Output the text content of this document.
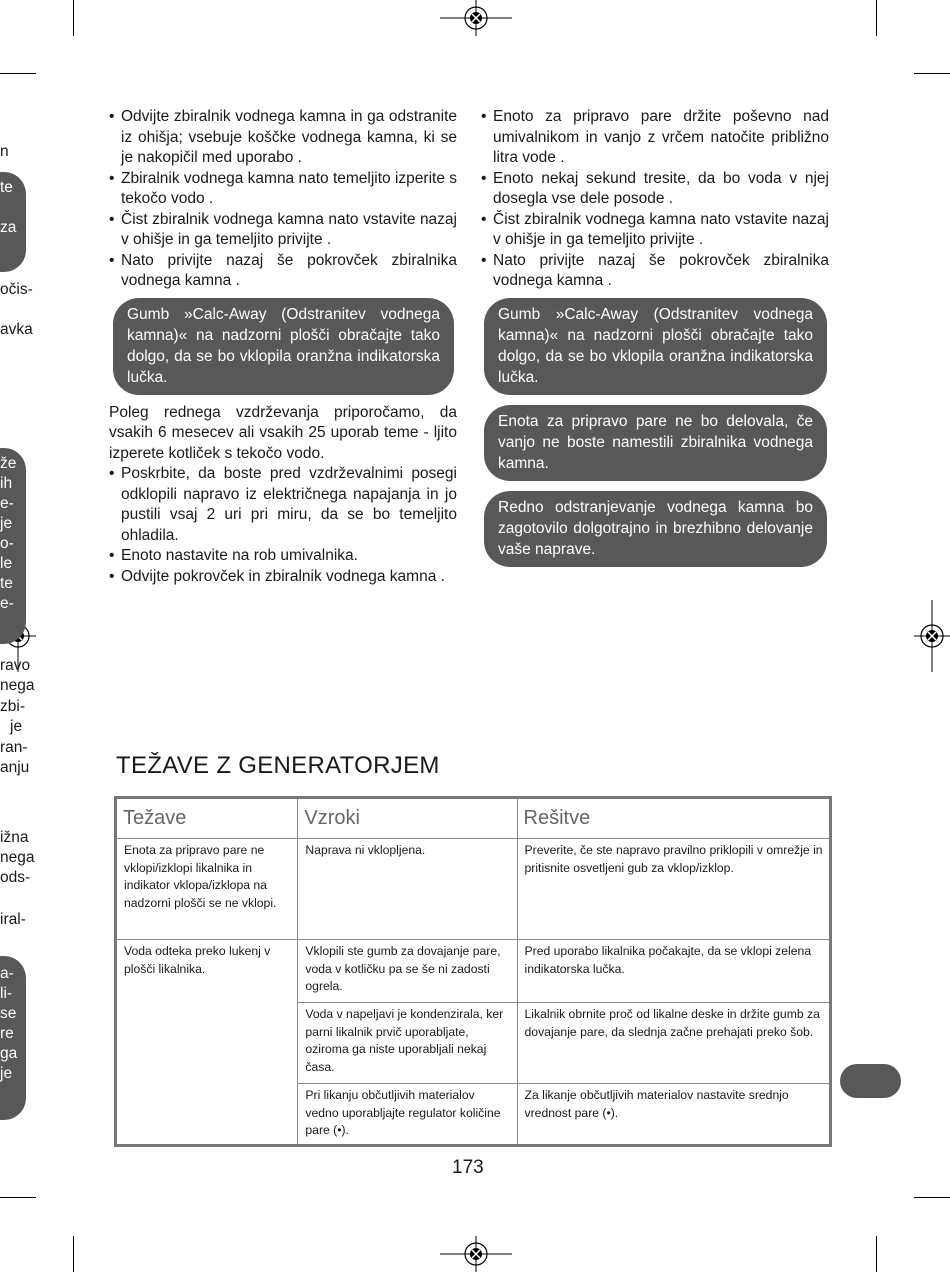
n
te
za
očis-
avka
že
ih
e-
je
o-
le
te
e-
ravo
nega
zbi-
je
ran-
anju
ižna
nega
ods-
iral-
a-
li-
se
re
ga
je
• Odvijte zbiralnik vodnega kamna in ga odstranite iz ohišja; vsebuje koščke vodnega kamna, ki se je nakopičil med uporabo .
• Zbiralnik vodnega kamna nato temeljito izperite s tekočo vodo .
• Čist zbiralnik vodnega kamna nato vstavite nazaj v ohišje in ga temeljito privijte .
• Nato privijte nazaj še pokrovček zbiralnika vodnega kamna .
Gumb »Calc-Away (Odstranitev vodnega kamna)« na nadzorni plošči obračajte tako dolgo, da se bo vklopila oranžna indikatorska lučka.

Poleg rednega vzdrževanja priporočamo, da vsakih 6 mesecev ali vsakih 25 uporab teme - ljito izperete kotliček s tekočo vodo.

• Poskrbite, da boste pred vzdrževalnimi posegi odklopili napravo iz električnega napajanja in jo pustili vsaj 2 uri pri miru, da se bo temeljito ohladila.
• Enoto nastavite na rob umivalnika.
• Odvijte pokrovček in zbiralnik vodnega kamna .
• Enoto za pripravo pare držite poševno nad umivalnikom in vanjo z vrčem natočite približno litra vode .
• Enoto nekaj sekund tresite, da bo voda v njej dosegla vse dele posode .
• Čist zbiralnik vodnega kamna nato vstavite nazaj v ohišje in ga temeljito privijte .
• Nato privijte nazaj še pokrovček zbiralnika vodnega kamna .
Gumb »Calc-Away (Odstranitev vodnega kamna)« na nadzorni plošči obračajte tako dolgo, da se bo vklopila oranžna indikatorska lučka.
Enota za pripravo pare ne bo delovala, če vanjo ne boste namestili zbiralnika vodnega kamna.
Redno odstranjevanje vodnega kamna bo zagotovilo dolgotrajno in brezhibno delovanje vaše naprave.
TEŽAVE Z GENERATORJEM
Težave	Vzroki	Rešitve
Enota za pripravo pare ne vklopi/izklopi likalnika in indikator vklopa/izklopa na nadzorni plošči se ne vklopi.	Naprava ni vklopljena.	Preverite, če ste napravo pravilno priklopili v omrežje in pritisnite osvetljeni gub za vklop/izklop.
Voda odteka preko lukenj v plošči likalnika.	Vklopili ste gumb za dovajanje pare, voda v kotličku pa se še ni zadosti ogrela.	Pred uporabo likalnika počakajte, da se vklopi zelena indikatorska lučka.
	Voda v napeljavi je kondenzirala, ker parni likalnik prvič uporabljate, oziroma ga niste uporabljali nekaj časa.	Likalnik obrnite proč od likalne deske in držite gumb za dovajanje pare, da slednja začne prehajati preko šob.
	Pri likanju občutljivih materialov vedno uporabljajte regulator količine pare (•).	Za likanje občutljivih materialov nastavite srednjo vrednost pare (•).
173
